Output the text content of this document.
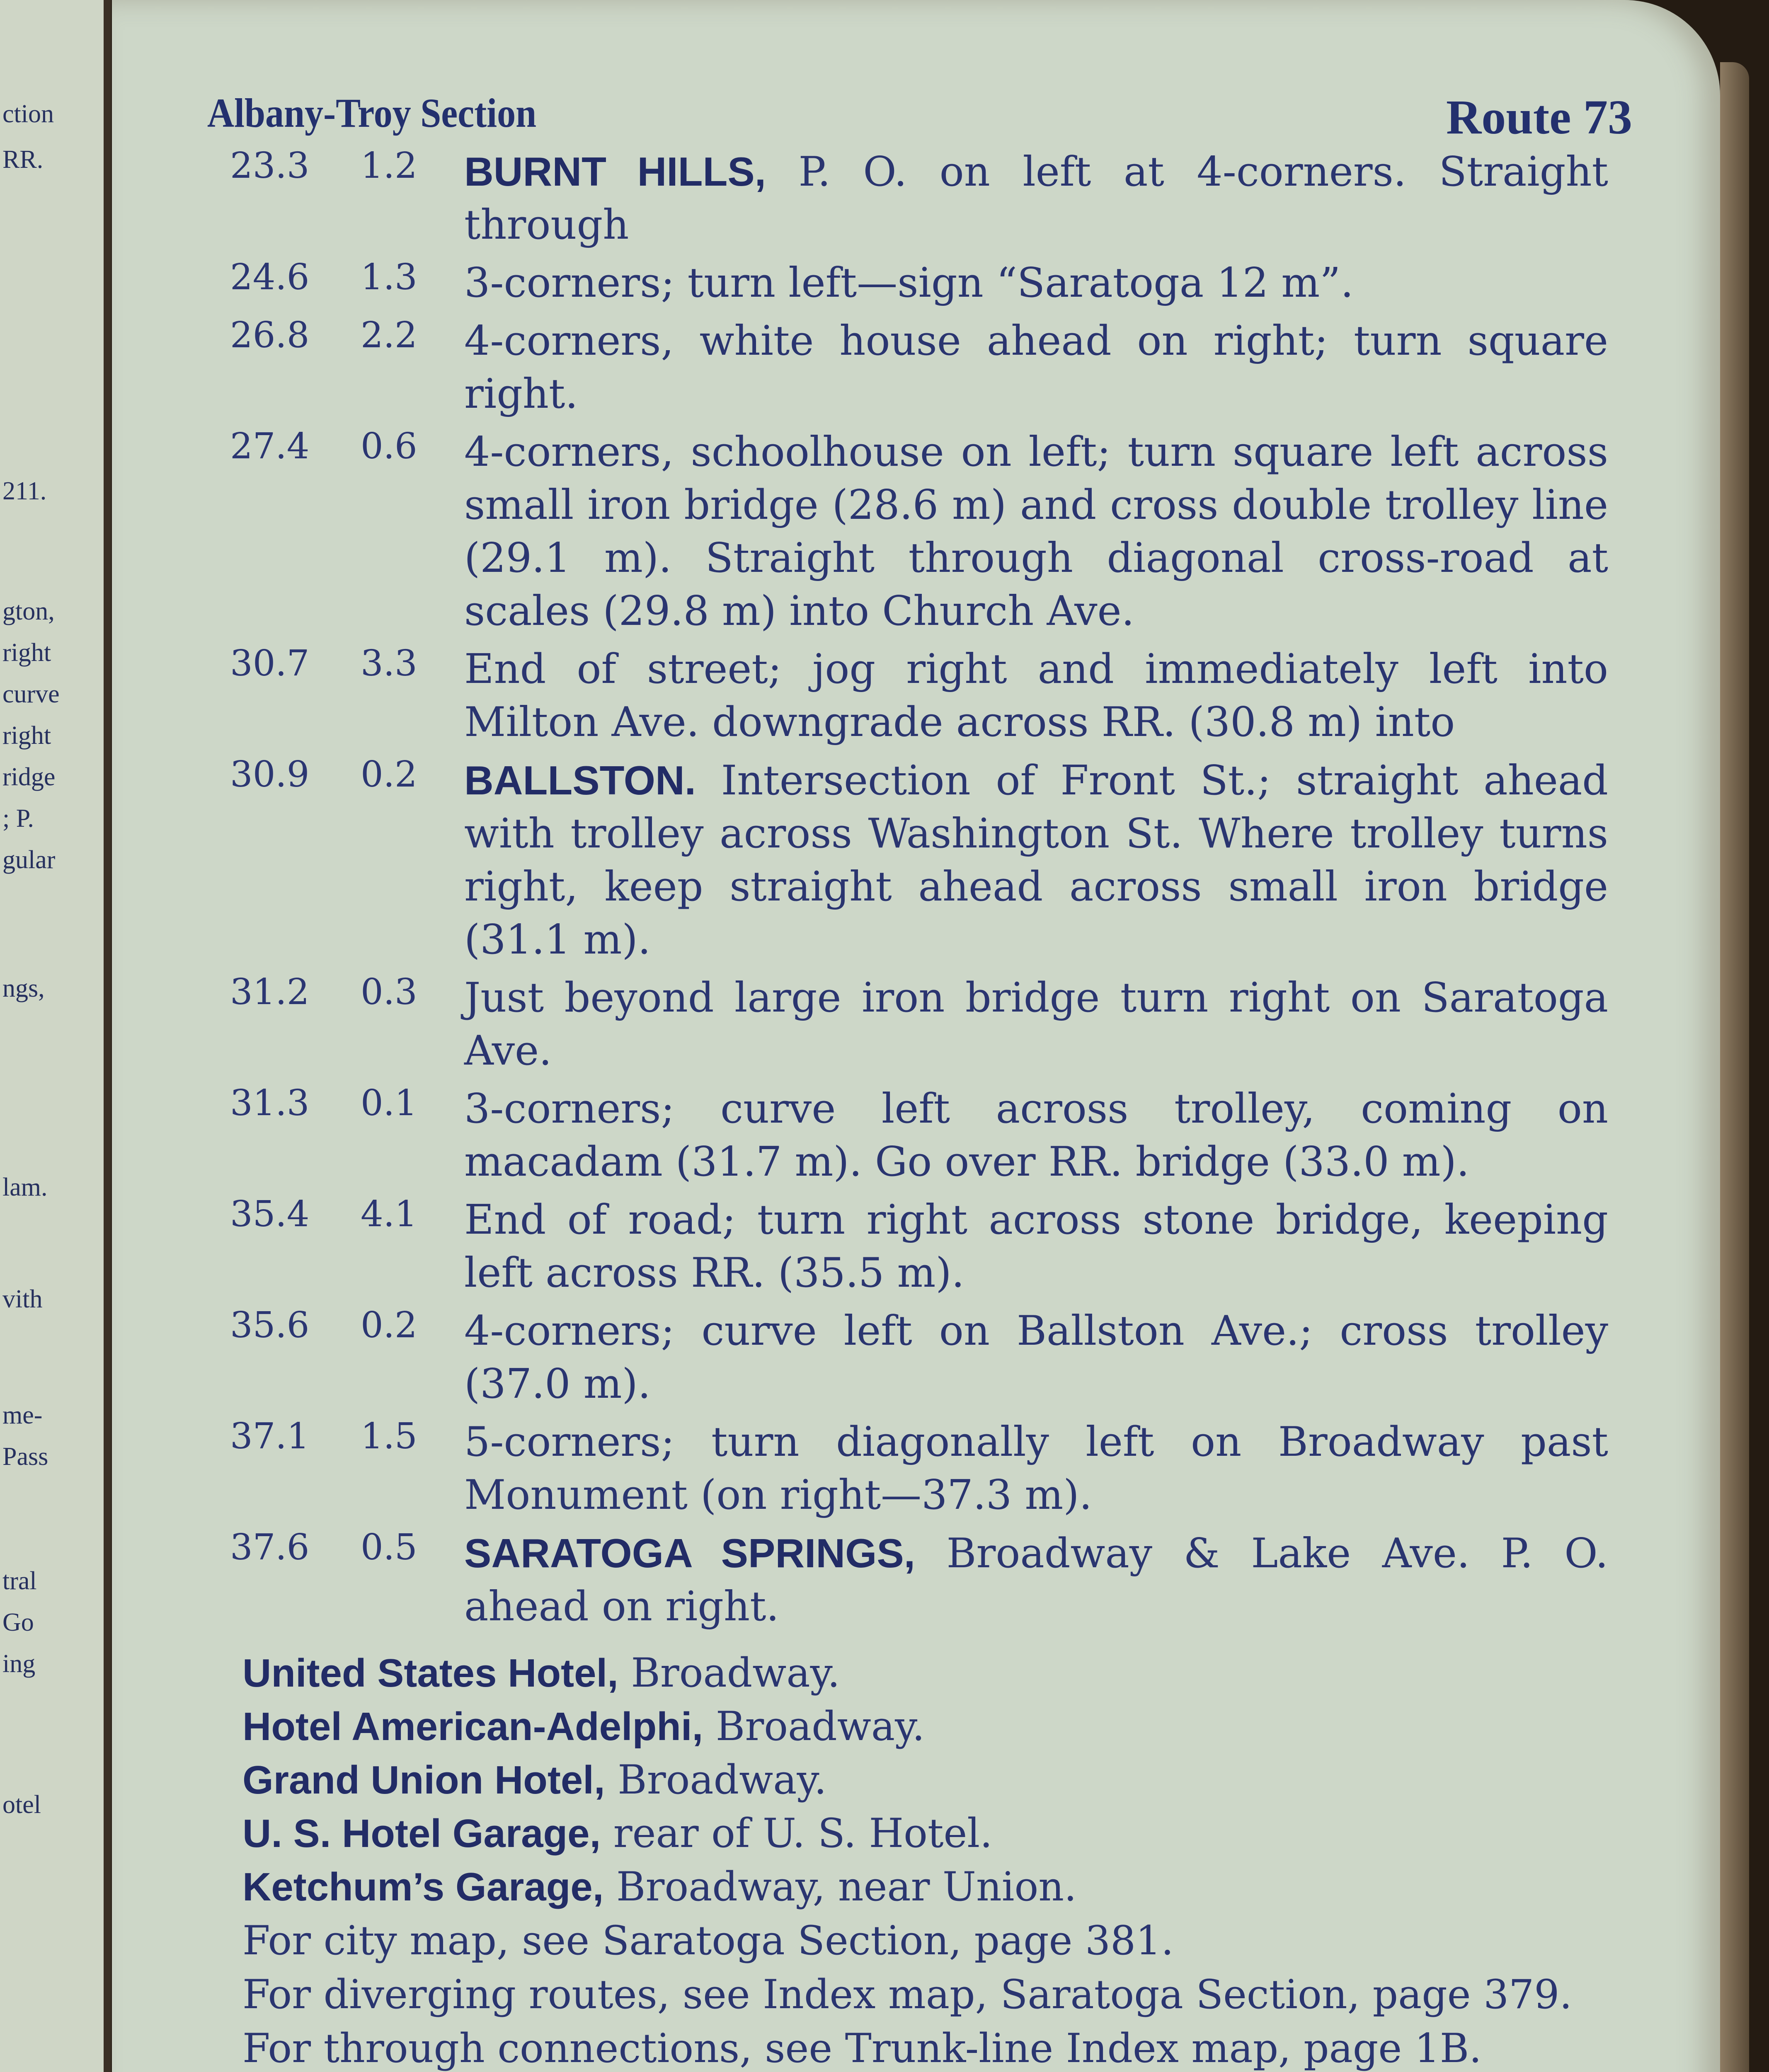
ction
RR.
211.
gton,
right
curve
right
ridge
; P.
gular
ngs,
lam.
vith
me-
Pass
tral
Go
ing
otel
Albany-Troy Section	Route 73
23.3 1.2 BURNT HILLS, P. O. on left at 4-corners. Straight through
24.6 1.3 3-corners; turn left—sign “Saratoga 12 m”.
26.8 2.2 4-corners, white house ahead on right; turn square right.
27.4 0.6 4-corners, schoolhouse on left; turn square left across small iron bridge (28.6 m) and cross double trolley line (29.1 m). Straight through diagonal cross-road at scales (29.8 m) into Church Ave.
30.7 3.3 End of street; jog right and immediately left into Milton Ave. downgrade across RR. (30.8 m) into
30.9 0.2 BALLSTON. Intersection of Front St.; straight ahead with trolley across Washington St. Where trolley turns right, keep straight ahead across small iron bridge (31.1 m).
31.2 0.3 Just beyond large iron bridge turn right on Saratoga Ave.
31.3 0.1 3-corners; curve left across trolley, coming on macadam (31.7 m). Go over RR. bridge (33.0 m).
35.4 4.1 End of road; turn right across stone bridge, keeping left across RR. (35.5 m).
35.6 0.2 4-corners; curve left on Ballston Ave.; cross trolley (37.0 m).
37.1 1.5 5-corners; turn diagonally left on Broadway past Monument (on right—37.3 m).
37.6 0.5 SARATOGA SPRINGS, Broadway & Lake Ave. P. O. ahead on right.
United States Hotel, Broadway.
Hotel American-Adelphi, Broadway.
Grand Union Hotel, Broadway.
U. S. Hotel Garage, rear of U. S. Hotel.
Ketchum’s Garage, Broadway, near Union.
For city map, see Saratoga Section, page 381.
For diverging routes, see Index map, Saratoga Section, page 379.
For through connections, see Trunk-line Index map, page 1B.
